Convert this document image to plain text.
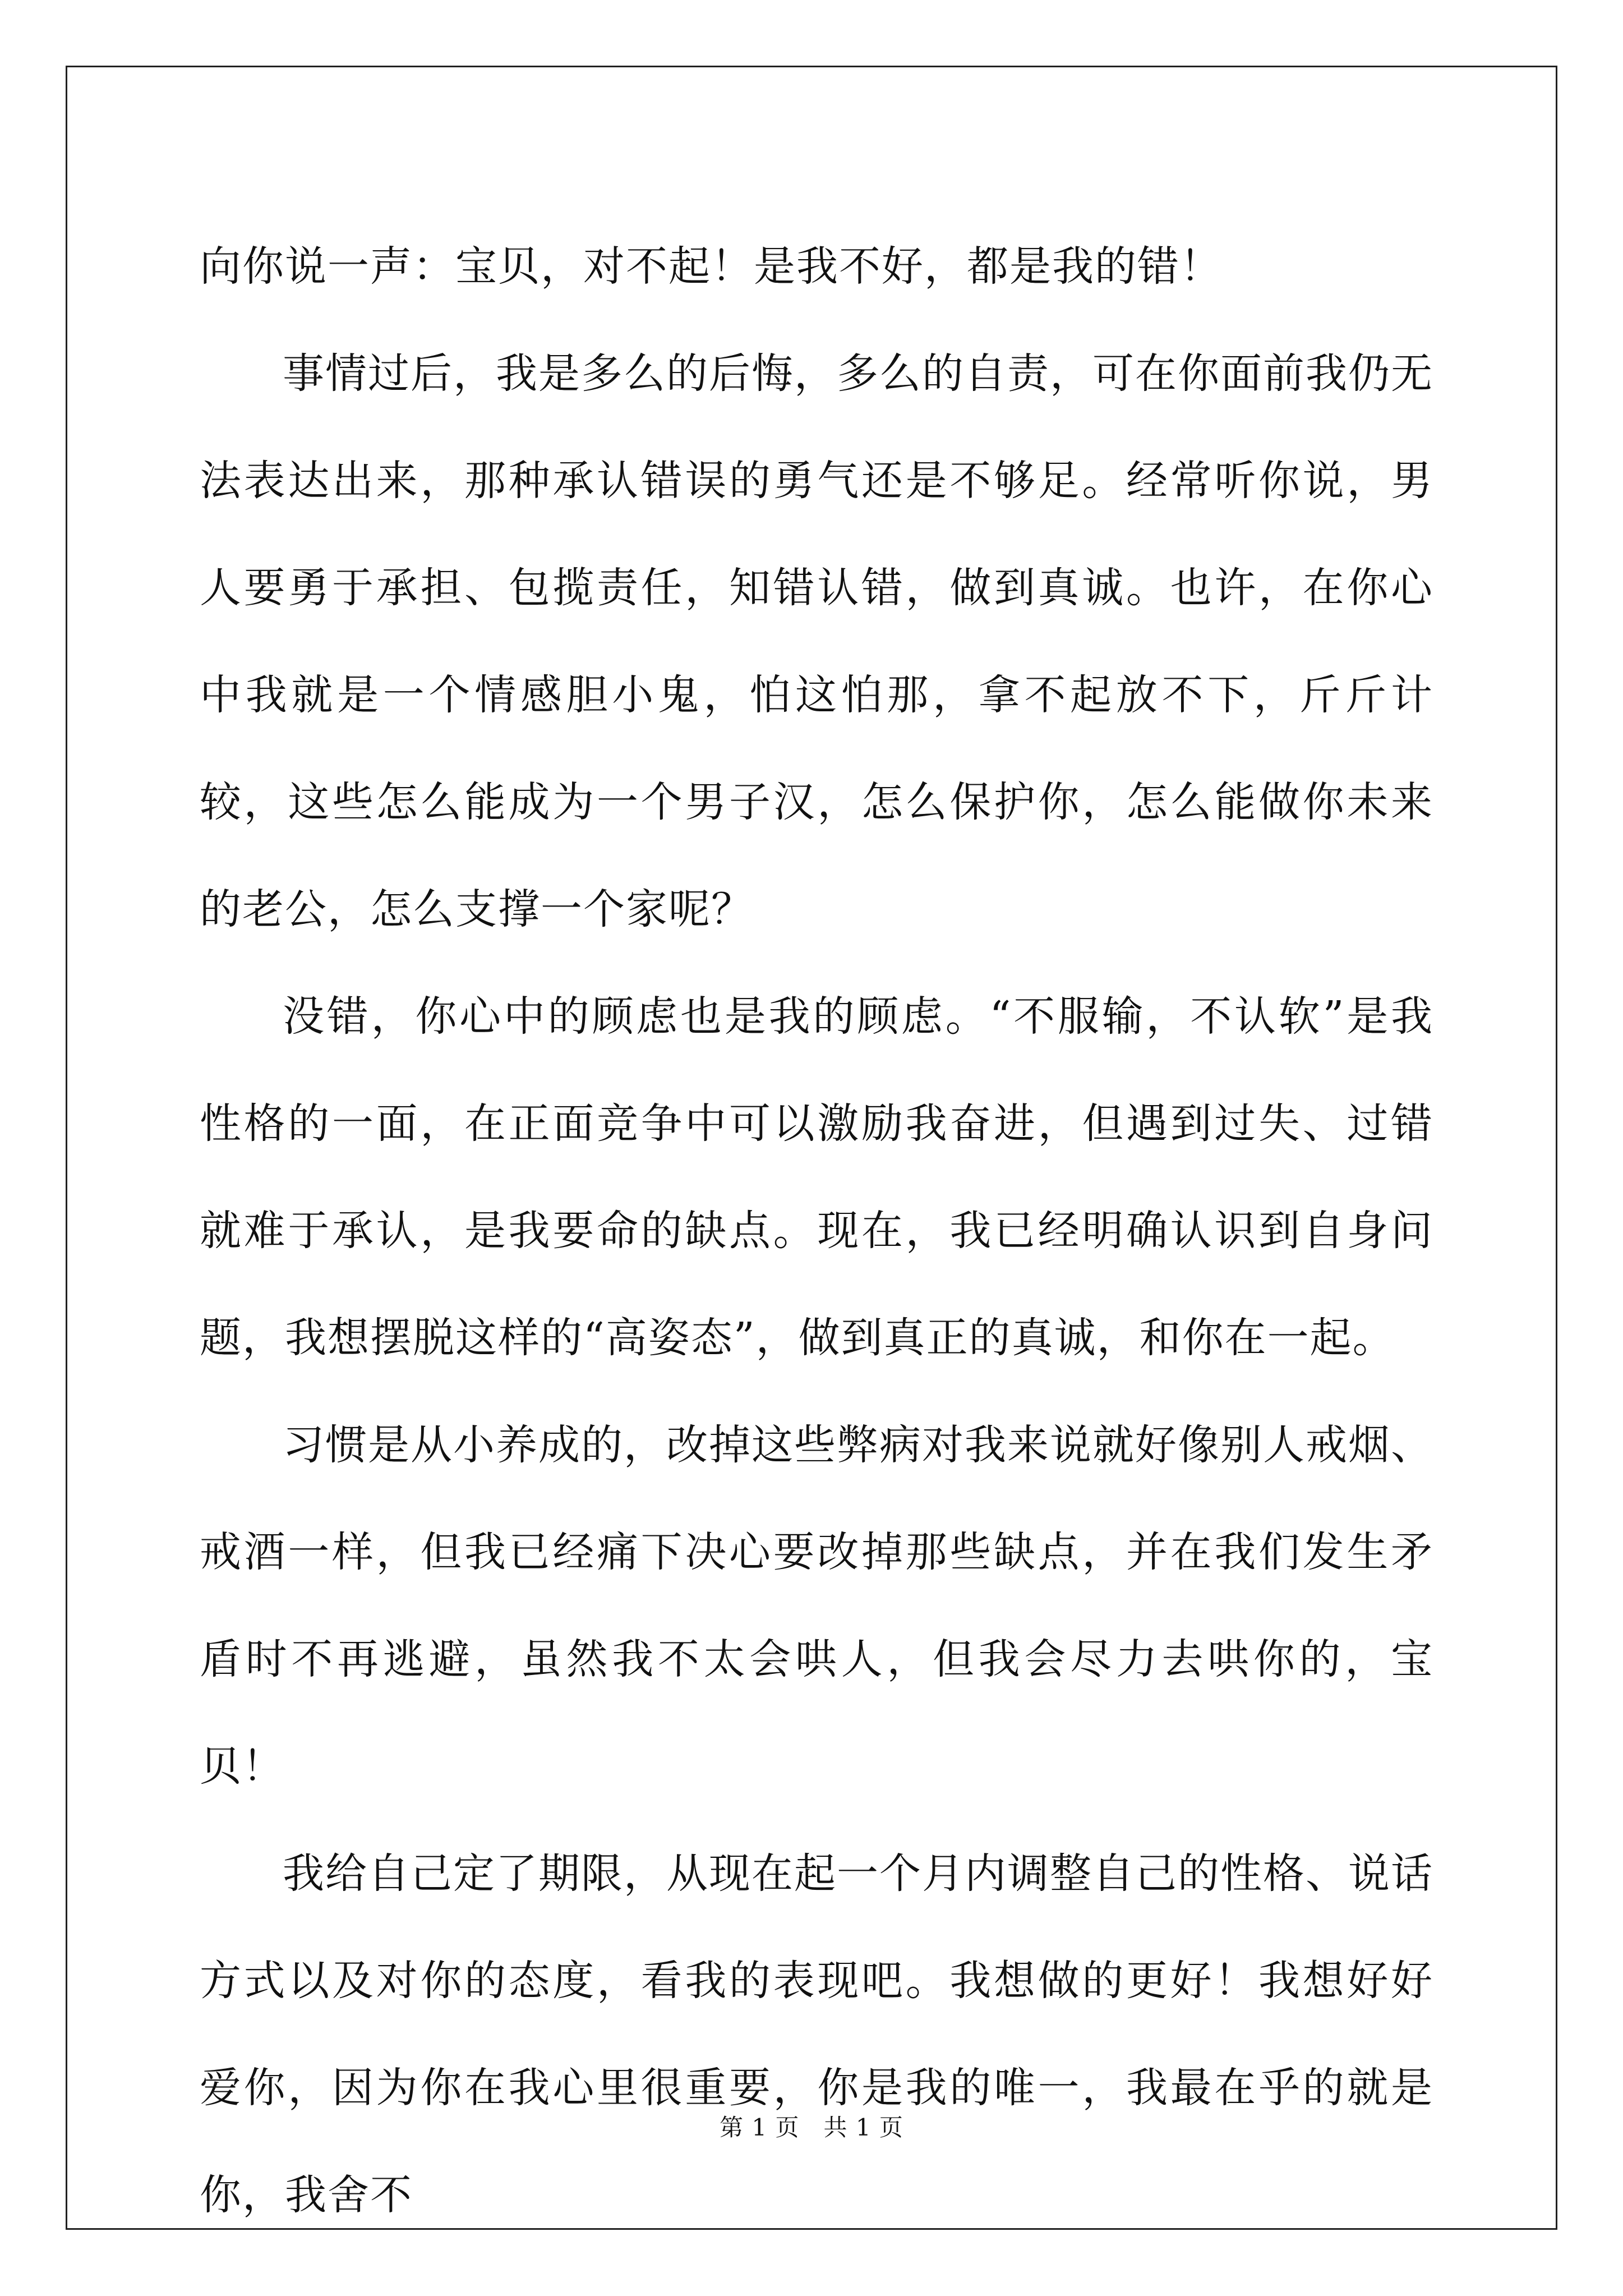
向你说一声：宝贝，对不起！是我不好，都是我的错！

事情过后，我是多么的后悔，多么的自责，可在你面前我仍无法表达出来，那种承认错误的勇气还是不够足。经常听你说，男人要勇于承担、包揽责任，知错认错，做到真诚。也许，在你心中我就是一个情感胆小鬼，怕这怕那，拿不起放不下，斤斤计较，这些怎么能成为一个男子汉，怎么保护你，怎么能做你未来的老公，怎么支撑一个家呢？

没错，你心中的顾虑也是我的顾虑。“不服输，不认软”是我性格的一面，在正面竞争中可以激励我奋进，但遇到过失、过错就难于承认，是我要命的缺点。现在，我已经明确认识到自身问题，我想摆脱这样的“高姿态”，做到真正的真诚，和你在一起。

习惯是从小养成的，改掉这些弊病对我来说就好像别人戒烟、戒酒一样，但我已经痛下决心要改掉那些缺点，并在我们发生矛盾时不再逃避，虽然我不太会哄人，但我会尽力去哄你的，宝贝！

我给自己定了期限，从现在起一个月内调整自己的性格、说话方式以及对你的态度，看我的表现吧。我想做的更好！我想好好爱你，因为你在我心里很重要，你是我的唯一，我最在乎的就是你，我舍不

第 1 页　共 1 页
